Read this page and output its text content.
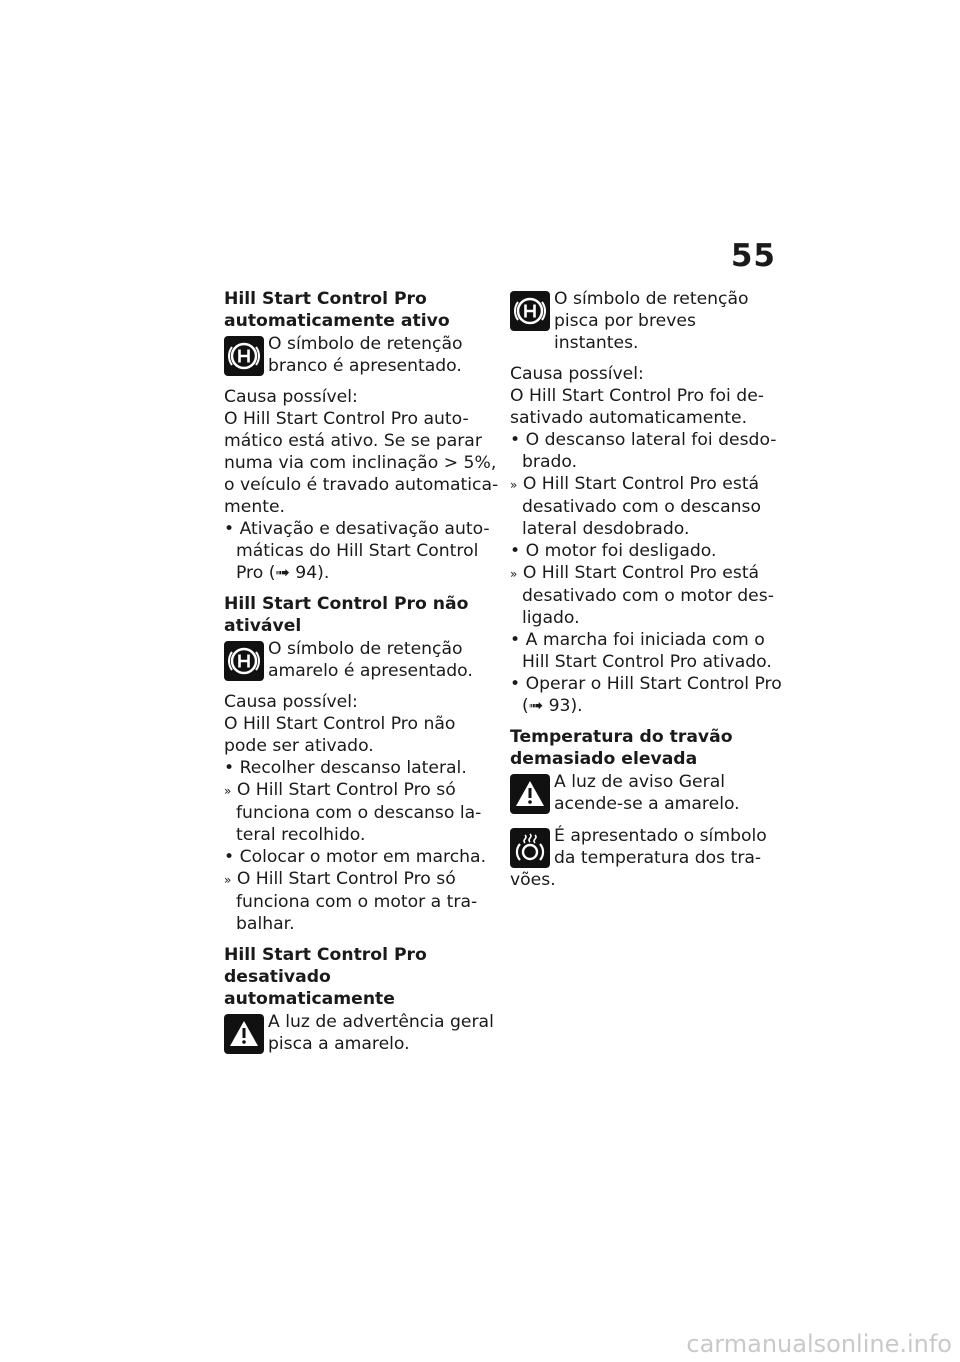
55

Hill Start Control Pro

automaticamente ativo

O símbolo de retenção
branco é apresentado.

Causa possível:

O Hill Start Control Pro auto-

mático está ativo. Se se parar

numa via com inclinação > 5%,

o veículo é travado automatica-

mente.

• Ativação e desativação auto-

máticas do Hill Start Control

Pro (➟ 94).

Hill Start Control Pro não

ativável

O símbolo de retenção
amarelo é apresentado.

Causa possível:

O Hill Start Control Pro não

pode ser ativado.

• Recolher descanso lateral.

» O Hill Start Control Pro só

funciona com o descanso la-

teral recolhido.

• Colocar o motor em marcha.

» O Hill Start Control Pro só

funciona com o motor a tra-

balhar.

Hill Start Control Pro

desativado automaticamente

A luz de advertência geral
pisca a amarelo.
O símbolo de retenção
pisca por breves instantes.

Causa possível:

O Hill Start Control Pro foi de-

sativado automaticamente.

• O descanso lateral foi desdo-

brado.

» O Hill Start Control Pro está

desativado com o descanso

lateral desdobrado.

• O motor foi desligado.

» O Hill Start Control Pro está

desativado com o motor des-

ligado.

• A marcha foi iniciada com o

Hill Start Control Pro ativado.

• Operar o Hill Start Control Pro

(➟ 93).

Temperatura do travão

demasiado elevada

A luz de aviso Geral
acende-se a amarelo.
É apresentado o símbolo
da temperatura dos tra-

vões.

carmanualsonline.info
